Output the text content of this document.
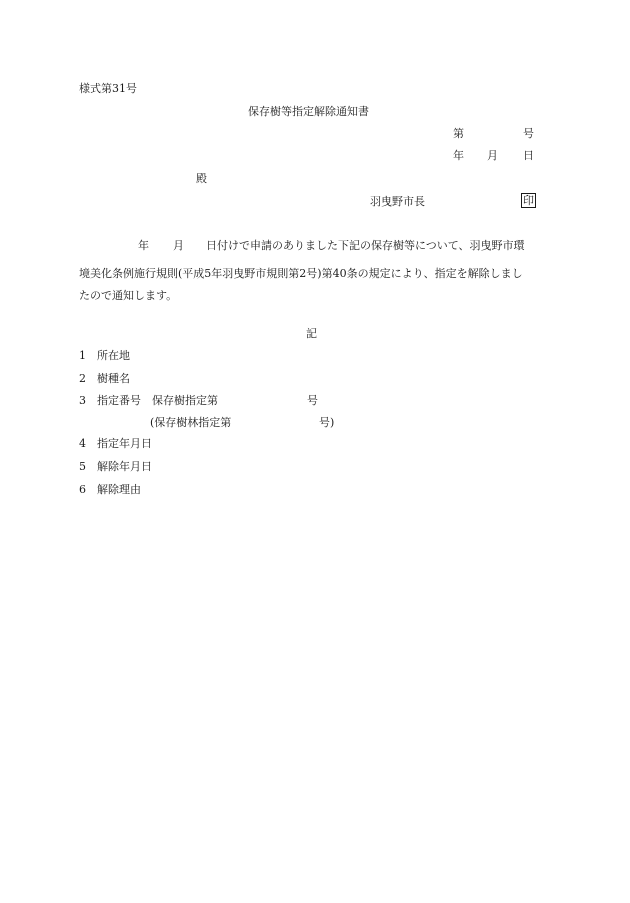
様式第31号
保存樹等指定解除通知書
第	号
年 月 日
殿
羽曳野市長	印
年 月 日付けで申請のありました下記の保存樹等について、羽曳野市環

境美化条例施行規則(平成5年羽曳野市規則第2号)第40条の規定により、指定を解除しまし
たので通知します。
記
1 所在地
2 樹種名
3 指定番号　保存樹指定第	号
(保存樹林指定第	号)
4 指定年月日
5 解除年月日
6 解除理由
